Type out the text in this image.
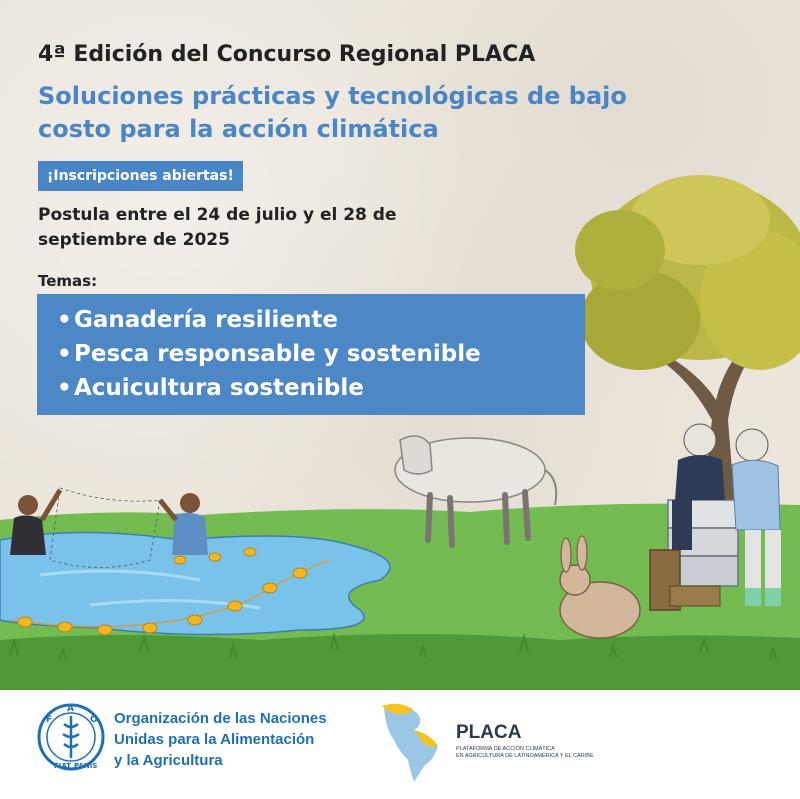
4ª Edición del Concurso Regional PLACA

Soluciones prácticas y tecnológicas de bajo costo para la acción climática

¡Inscripciones abiertas!

Postula entre el 24 de julio y el 28 de septiembre de 2025

Temas:

•Ganadería resiliente
•Pesca responsable y sostenible
•Acuicultura sostenible
F
A
O
FIAT PANIS
Organización de las Naciones
Unidas para la Alimentación
y la Agricultura
PLACA
PLATAFORMA DE ACCIÓN CLIMÁTICA
EN AGRICULTURA DE LATINOAMÉRICA Y EL CARIBE
